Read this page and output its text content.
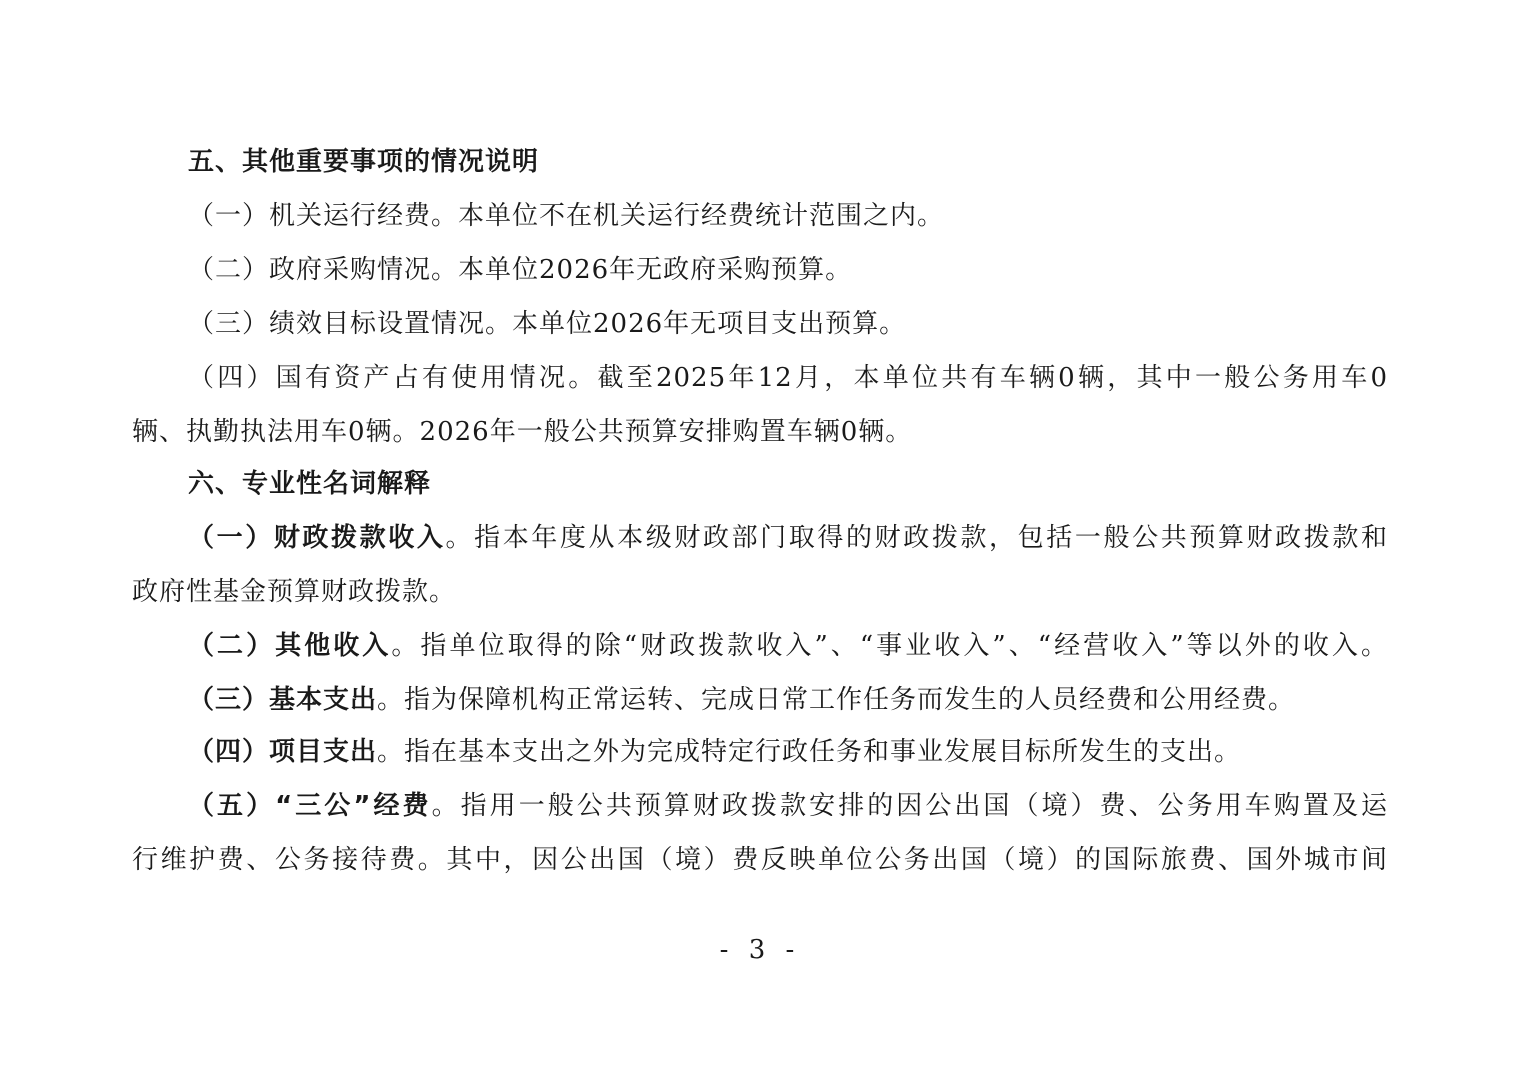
五、其他重要事项的情况说明
（一）机关运行经费。本单位不在机关运行经费统计范围之内。
（二）政府采购情况。本单位2026年无政府采购预算。
（三）绩效目标设置情况。本单位2026年无项目支出预算。
（四）国有资产占有使用情况。截至2025年12月，本单位共有车辆0辆，其中一般公务用车0
辆、执勤执法用车0辆。2026年一般公共预算安排购置车辆0辆。
六、专业性名词解释
（一）财政拨款收入。指本年度从本级财政部门取得的财政拨款，包括一般公共预算财政拨款和
政府性基金预算财政拨款。
（二）其他收入。指单位取得的除“财政拨款收入”、“事业收入”、“经营收入”等以外的收入。
（三）基本支出。指为保障机构正常运转、完成日常工作任务而发生的人员经费和公用经费。
（四）项目支出。指在基本支出之外为完成特定行政任务和事业发展目标所发生的支出。
（五）“三公”经费。指用一般公共预算财政拨款安排的因公出国（境）费、公务用车购置及运
行维护费、公务接待费。其中，因公出国（境）费反映单位公务出国（境）的国际旅费、国外城市间
- 3 -
